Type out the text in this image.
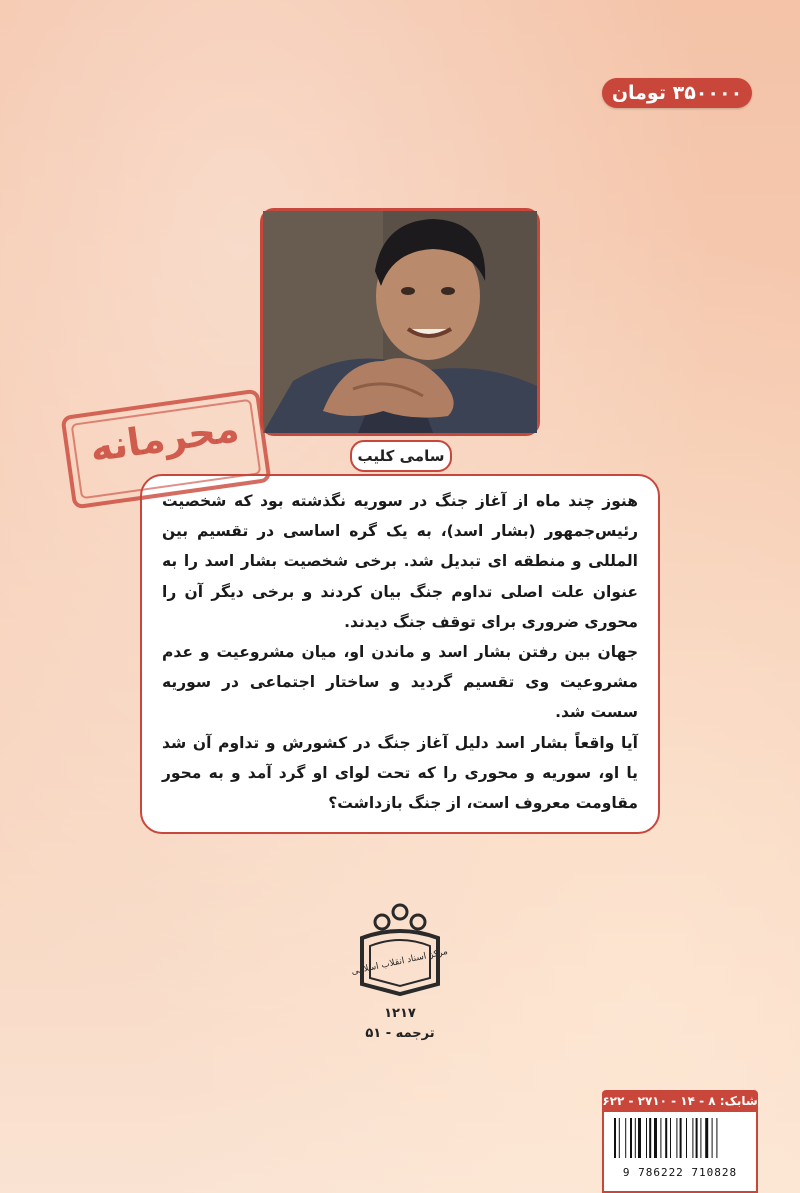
۳۵۰۰۰۰ تومان
محرمانه	سامی کلیب

هنوز چند ماه از آغاز جنگ در سوریه نگذشته بود که شخصیت رئیس‌جمهور (بشار اسد)، به یک گره اساسی در تقسیم بین المللی و منطقه ای تبدیل شد. برخی شخصیت بشار اسد را به عنوان علت اصلی تداوم جنگ بیان کردند و برخی دیگر آن را محوری ضروری برای توقف جنگ دیدند.

جهان بین رفتن بشار اسد و ماندن او، میان مشروعیت و عدم مشروعیت وی تقسیم گردید و ساختار اجتماعی در سوریه سست شد.

آیا واقعاً بشار اسد دلیل آغاز جنگ در کشورش و تداوم آن شد یا او، سوریه و محوری را که تحت لوای او گرد آمد و به محور مقاومت معروف است، از جنگ بازداشت؟

مرکز اسناد انقلاب اسلامی
۱۲۱۷
ترجمه - ۵۱
شابک: ۸ - ۱۴ - ۲۷۱۰ - ۶۲۲
9 786222 710828
